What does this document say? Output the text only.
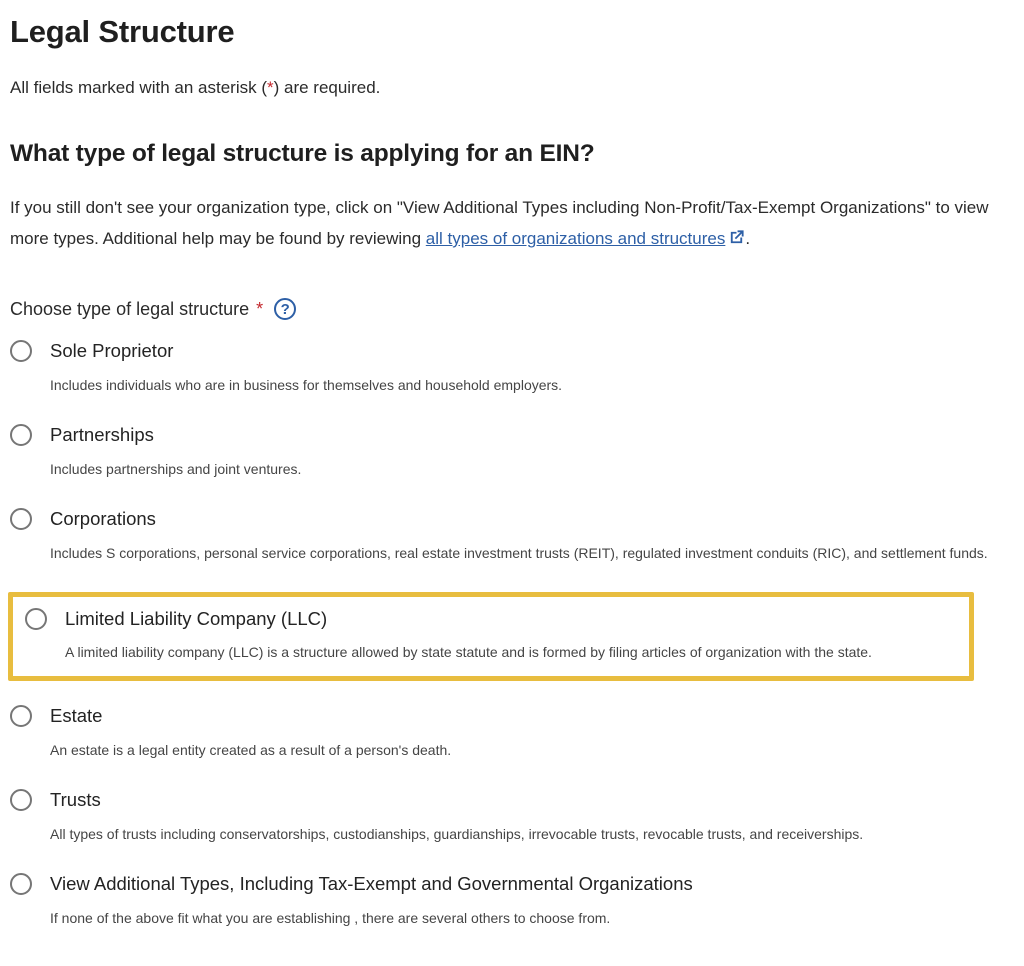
Legal Structure

All fields marked with an asterisk (*) are required.

What type of legal structure is applying for an EIN?

If you still don't see your organization type, click on "View Additional Types including Non-Profit/Tax-Exempt Organizations" to view more types. Additional help may be found by reviewing all types of organizations and structures .

Choose type of legal structure *	?
Sole Proprietor
Includes individuals who are in business for themselves and household employers.
Partnerships
Includes partnerships and joint ventures.
Corporations
Includes S corporations, personal service corporations, real estate investment trusts (REIT), regulated investment conduits (RIC), and settlement funds.
Limited Liability Company (LLC)
A limited liability company (LLC) is a structure allowed by state statute and is formed by filing articles of organization with the state.
Estate
An estate is a legal entity created as a result of a person's death.
Trusts
All types of trusts including conservatorships, custodianships, guardianships, irrevocable trusts, revocable trusts, and receiverships.
View Additional Types, Including Tax-Exempt and Governmental Organizations
If none of the above fit what you are establishing , there are several others to choose from.
